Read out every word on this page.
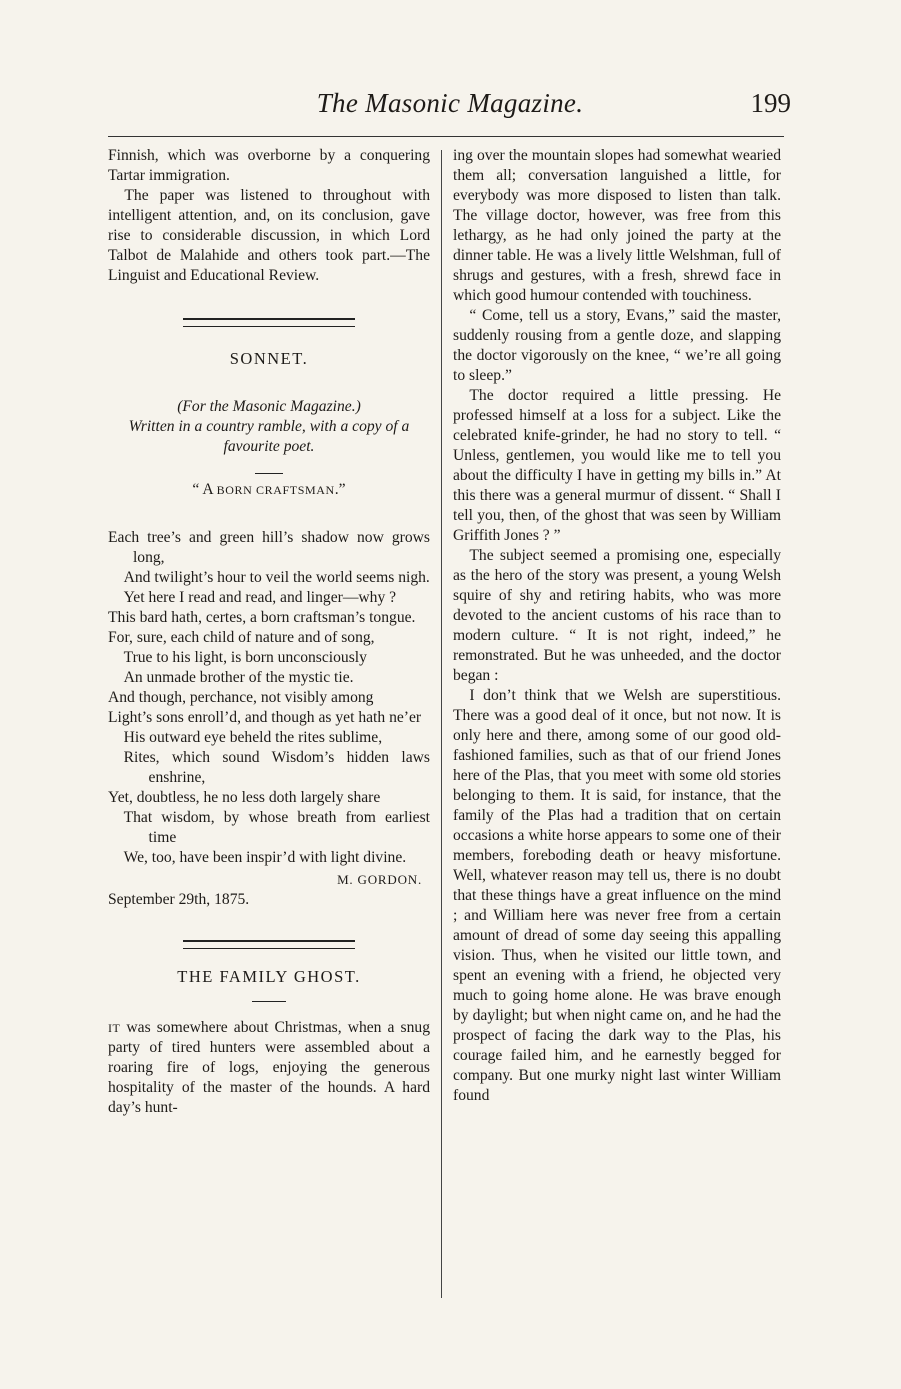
The Masonic Magazine.	199

Finnish, which was overborne by a conquering Tartar immigration.

The paper was listened to throughout with intelligent attention, and, on its conclusion, gave rise to considerable discussion, in which Lord Talbot de Malahide and others took part.—The Linguist and Educational Review.

SONNET.
(For the Masonic Magazine.)
Written in a country ramble, with a copy of a favourite poet.
“ A BORN CRAFTSMAN.”
Each tree’s and green hill’s shadow now grows long,
And twilight’s hour to veil the world seems nigh.
Yet here I read and read, and linger—why ?
This bard hath, certes, a born craftsman’s tongue.
For, sure, each child of nature and of song,
True to his light, is born unconsciously
An unmade brother of the mystic tie.
And though, perchance, not visibly among
Light’s sons enroll’d, and though as yet hath ne’er
His outward eye beheld the rites sublime,
Rites, which sound Wisdom’s hidden laws enshrine,
Yet, doubtless, he no less doth largely share
That wisdom, by whose breath from earliest time
We, too, have been inspir’d with light divine.
M. GORDON.
September 29th, 1875.
THE FAMILY GHOST.

IT was somewhere about Christmas, when a snug party of tired hunters were assembled about a roaring fire of logs, enjoying the generous hospitality of the master of the hounds. A hard day’s hunt-

ing over the mountain slopes had somewhat wearied them all; conversation languished a little, for everybody was more disposed to listen than talk. The village doctor, however, was free from this lethargy, as he had only joined the party at the dinner table. He was a lively little Welshman, full of shrugs and gestures, with a fresh, shrewd face in which good humour contended with touchiness.

“ Come, tell us a story, Evans,” said the master, suddenly rousing from a gentle doze, and slapping the doctor vigorously on the knee, “ we’re all going to sleep.”

The doctor required a little pressing. He professed himself at a loss for a subject. Like the celebrated knife-grinder, he had no story to tell. “ Unless, gentlemen, you would like me to tell you about the difficulty I have in getting my bills in.” At this there was a general murmur of dissent. “ Shall I tell you, then, of the ghost that was seen by William Griffith Jones ? ”

The subject seemed a promising one, especially as the hero of the story was present, a young Welsh squire of shy and retiring habits, who was more devoted to the ancient customs of his race than to modern culture. “ It is not right, indeed,” he remonstrated. But he was unheeded, and the doctor began :

I don’t think that we Welsh are superstitious. There was a good deal of it once, but not now. It is only here and there, among some of our good old-fashioned families, such as that of our friend Jones here of the Plas, that you meet with some old stories belonging to them. It is said, for instance, that the family of the Plas had a tradition that on certain occasions a white horse appears to some one of their members, foreboding death or heavy misfortune. Well, whatever reason may tell us, there is no doubt that these things have a great influence on the mind ; and William here was never free from a certain amount of dread of some day seeing this appalling vision. Thus, when he visited our little town, and spent an evening with a friend, he objected very much to going home alone. He was brave enough by daylight; but when night came on, and he had the prospect of facing the dark way to the Plas, his courage failed him, and he earnestly begged for company. But one murky night last winter William found
